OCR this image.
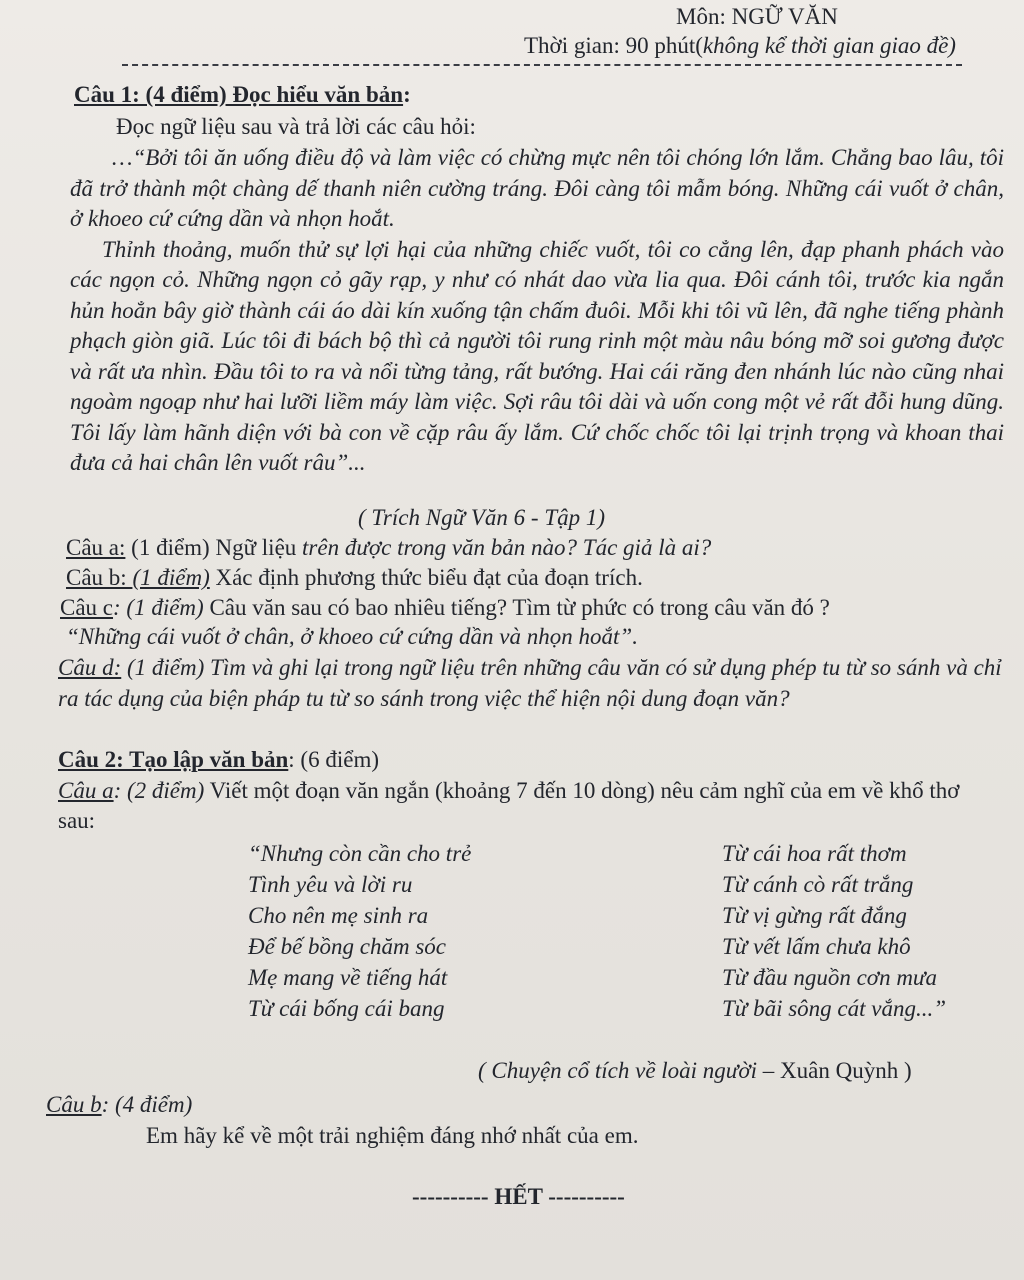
Môn: NGỮ VĂN
Thời gian: 90 phút(không kể thời gian giao đề)
Câu 1: (4 điểm) Đọc hiểu văn bản:
Đọc ngữ liệu sau và trả lời các câu hỏi:

…“Bởi tôi ăn uống điều độ và làm việc có chừng mực nên tôi chóng lớn lắm. Chẳng bao lâu, tôi đã trở thành một chàng dế thanh niên cường tráng. Đôi càng tôi mẫm bóng. Những cái vuốt ở chân, ở khoeo cứ cứng dần và nhọn hoắt.

Thỉnh thoảng, muốn thử sự lợi hại của những chiếc vuốt, tôi co cẳng lên, đạp phanh phách vào các ngọn cỏ. Những ngọn cỏ gãy rạp, y như có nhát dao vừa lia qua. Đôi cánh tôi, trước kia ngắn hủn hoẳn bây giờ thành cái áo dài kín xuống tận chấm đuôi. Mỗi khi tôi vũ lên, đã nghe tiếng phành phạch giòn giã. Lúc tôi đi bách bộ thì cả người tôi rung rinh một màu nâu bóng mỡ soi gương được và rất ưa nhìn. Đầu tôi to ra và nổi từng tảng, rất bướng. Hai cái răng đen nhánh lúc nào cũng nhai ngoàm ngoạp như hai lưỡi liềm máy làm việc. Sợi râu tôi dài và uốn cong một vẻ rất đỗi hung dũng. Tôi lấy làm hãnh diện với bà con về cặp râu ấy lắm. Cứ chốc chốc tôi lại trịnh trọng và khoan thai đưa cả hai chân lên vuốt râu”...

( Trích Ngữ Văn 6 - Tập 1)
Câu a: (1 điểm) Ngữ liệu trên được trong văn bản nào? Tác giả là ai?
Câu b: (1 điểm) Xác định phương thức biểu đạt của đoạn trích.
Câu c: (1 điểm) Câu văn sau có bao nhiêu tiếng? Tìm từ phức có trong câu văn đó ?
“Những cái vuốt ở chân, ở khoeo cứ cứng dần và nhọn hoắt”.
Câu d: (1 điểm) Tìm và ghi lại trong ngữ liệu trên những câu văn có sử dụng phép tu từ so sánh và chỉ ra tác dụng của biện pháp tu từ so sánh trong việc thể hiện nội dung đoạn văn?
Câu 2: Tạo lập văn bản: (6 điểm)
Câu a: (2 điểm) Viết một đoạn văn ngắn (khoảng 7 đến 10 dòng) nêu cảm nghĩ của em về khổ thơ sau:
“Nhưng còn cần cho trẻ
Tình yêu và lời ru
Cho nên mẹ sinh ra
Để bế bồng chăm sóc
Mẹ mang về tiếng hát
Từ cái bống cái bang
Từ cái hoa rất thơm
Từ cánh cò rất trắng
Từ vị gừng rất đắng
Từ vết lấm chưa khô
Từ đầu nguồn cơn mưa
Từ bãi sông cát vắng...”
( Chuyện cổ tích về loài người – Xuân Quỳnh )
Câu b: (4 điểm)
Em hãy kể về một trải nghiệm đáng nhớ nhất của em.
---------- HẾT ----------
